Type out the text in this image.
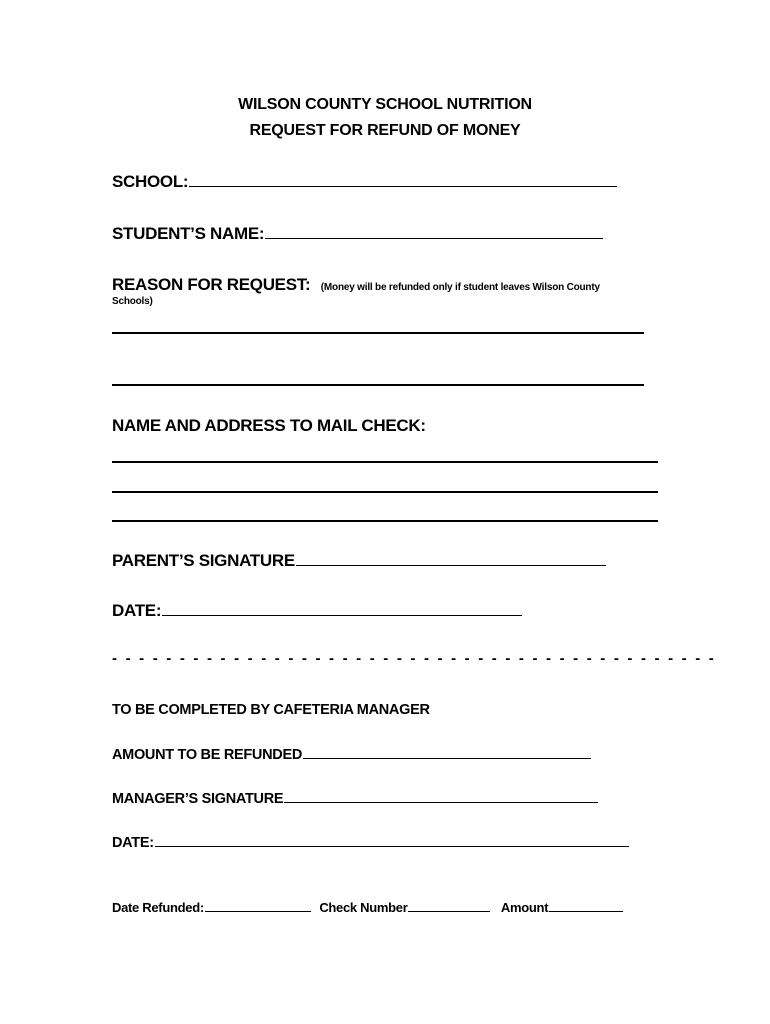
WILSON COUNTY SCHOOL NUTRITION
REQUEST FOR REFUND OF MONEY
SCHOOL:
STUDENT’S NAME:
REASON FOR REQUEST: (Money will be refunded only if student leaves Wilson County
Schools)
NAME AND ADDRESS TO MAIL CHECK:
PARENT’S SIGNATURE
DATE:
- - - - - - - - - - - - - - - - - - - - - - - - - - - - - - - - - - - - - - - - - - - - -
TO BE COMPLETED BY CAFETERIA MANAGER
AMOUNT TO BE REFUNDED
MANAGER’S SIGNATURE
DATE:
Date Refunded:	Check Number	Amount
